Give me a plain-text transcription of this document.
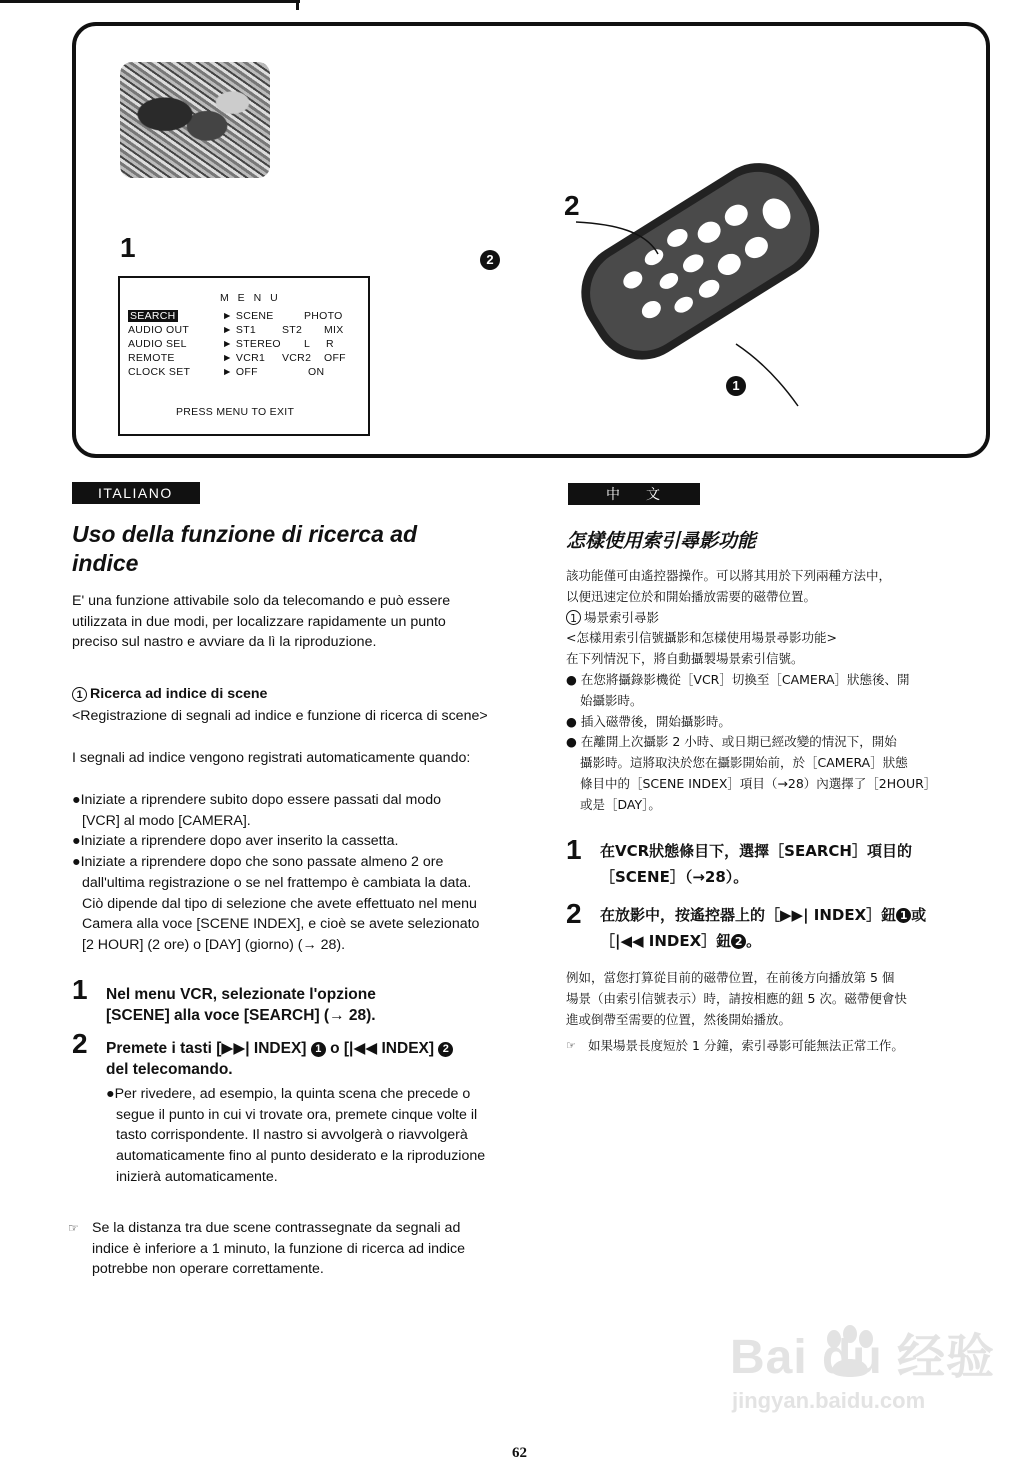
1
2
M E N U
SEARCH	► SCENE	PHOTO
AUDIO OUT	► ST1 ST2 MIX
AUDIO SEL	► STEREO L R
REMOTE	► VCR1 VCR2 OFF
CLOCK SET	► OFF	ON
PRESS MENU TO EXIT
2
1
ITALIANO
Uso della funzione di ricerca ad indice
E' una funzione attivabile solo da telecomando e può essere utilizzata in due modi, per localizzare rapidamente un punto preciso sul nastro e avviare da lì la riproduzione.
1 Ricerca ad indice di scene
<Registrazione di segnali ad indice e funzione di ricerca di scene>
I segnali ad indice vengono registrati automaticamente quando:
●Iniziate a riprendere subito dopo essere passati dal modo [VCR] al modo [CAMERA].
●Iniziate a riprendere dopo aver inserito la cassetta.
●Iniziate a riprendere dopo che sono passate almeno 2 ore dall'ultima registrazione o se nel frattempo è cambiata la data. Ciò dipende dal tipo di selezione che avete effettuato nel menu Camera alla voce [SCENE INDEX], e cioè se avete selezionato [2 HOUR] (2 ore) o [DAY] (giorno) (→ 28).
1 Nel menu VCR, selezionate l'opzione [SCENE] alla voce [SEARCH] (→ 28).
2 Premete i tasti [▶▶| INDEX] 1 o [|◀◀ INDEX] 2 del telecomando.
●Per rivedere, ad esempio, la quinta scena che precede o segue il punto in cui vi trovate ora, premete cinque volte il tasto corrispondente. Il nastro si avvolgerà o riavvolgerà automaticamente fino al punto desiderato e la riproduzione inizierà automaticamente.
☞ Se la distanza tra due scene contrassegnate da segnali ad indice è inferiore a 1 minuto, la funzione di ricerca ad indice potrebbe non operare correttamente.
中　文
怎樣使用索引尋影功能
該功能僅可由遙控器操作。可以將其用於下列兩種方法中，
以便迅速定位於和開始播放需要的磁帶位置。
1 場景索引尋影
<怎樣用索引信號攝影和怎樣使用場景尋影功能>
在下列情況下，將自動攝製場景索引信號。
● 在您將攝錄影機從［VCR］切換至［CAMERA］狀態後、開
始攝影時。
● 插入磁帶後，開始攝影時。
● 在離開上次攝影 2 小時、或日期已經改變的情況下，開始
攝影時。這將取決於您在攝影開始前，於［CAMERA］狀態
條目中的［SCENE INDEX］項目（→28）內選擇了［2HOUR］
或是［DAY］。
1 在VCR狀態條目下，選擇［SEARCH］項目的
［SCENE］（→28）。
2 在放影中，按遙控器上的［▶▶| INDEX］鈕 1 或
［|◀◀ INDEX］鈕 2 。
例如，當您打算從目前的磁帶位置，在前後方向播放第 5 個
場景（由索引信號表示）時，請按相應的鈕 5 次。磁帶便會快
進或倒帶至需要的位置，然後開始播放。
☞ 如果場景長度短於 1 分鐘，索引尋影可能無法正常工作。
Bai du 经验
jingyan.baidu.com
62
